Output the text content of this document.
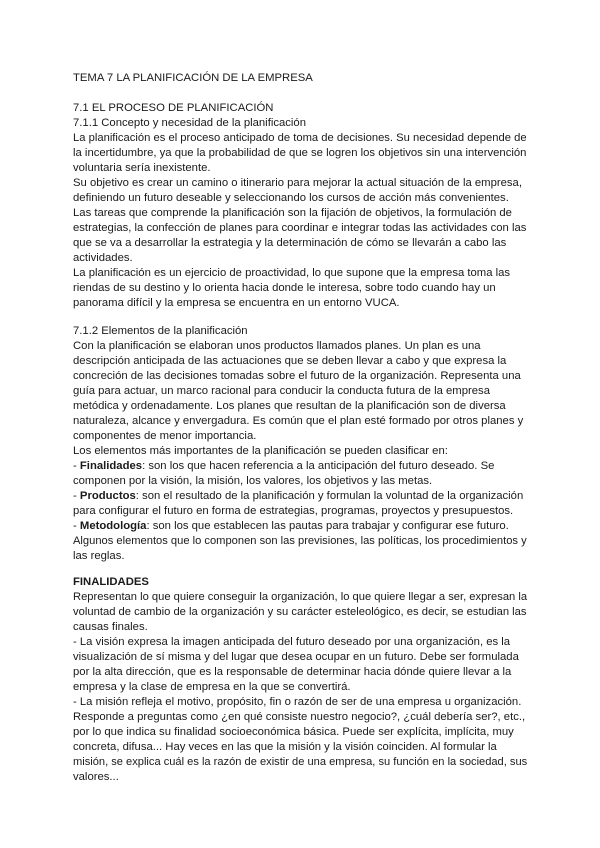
TEMA 7 LA PLANIFICACIÓN DE LA EMPRESA
7.1 EL PROCESO DE PLANIFICACIÓN
7.1.1 Concepto y necesidad de la planificación
La planificación es el proceso anticipado de toma de decisiones. Su necesidad depende de
la incertidumbre, ya que la probabilidad de que se logren los objetivos sin una intervención
voluntaria sería inexistente.
Su objetivo es crear un camino o itinerario para mejorar la actual situación de la empresa,
definiendo un futuro deseable y seleccionando los cursos de acción más convenientes.
Las tareas que comprende la planificación son la fijación de objetivos, la formulación de
estrategias, la confección de planes para coordinar e integrar todas las actividades con las
que se va a desarrollar la estrategia y la determinación de cómo se llevarán a cabo las
actividades.
La planificación es un ejercicio de proactividad, lo que supone que la empresa toma las
riendas de su destino y lo orienta hacia donde le interesa, sobre todo cuando hay un
panorama difícil y la empresa se encuentra en un entorno VUCA.
7.1.2 Elementos de la planificación
Con la planificación se elaboran unos productos llamados planes. Un plan es una
descripción anticipada de las actuaciones que se deben llevar a cabo y que expresa la
concreción de las decisiones tomadas sobre el futuro de la organización. Representa una
guía para actuar, un marco racional para conducir la conducta futura de la empresa
metódica y ordenadamente. Los planes que resultan de la planificación son de diversa
naturaleza, alcance y envergadura. Es común que el plan esté formado por otros planes y
componentes de menor importancia.
Los elementos más importantes de la planificación se pueden clasificar en:
- Finalidades: son los que hacen referencia a la anticipación del futuro deseado. Se
componen por la visión, la misión, los valores, los objetivos y las metas.
- Productos: son el resultado de la planificación y formulan la voluntad de la organización
para configurar el futuro en forma de estrategias, programas, proyectos y presupuestos.
- Metodología: son los que establecen las pautas para trabajar y configurar ese futuro.
Algunos elementos que lo componen son las previsiones, las políticas, los procedimientos y
las reglas.
FINALIDADES
Representan lo que quiere conseguir la organización, lo que quiere llegar a ser, expresan la
voluntad de cambio de la organización y su carácter esteleológico, es decir, se estudian las
causas finales.
- La visión expresa la imagen anticipada del futuro deseado por una organización, es la
visualización de sí misma y del lugar que desea ocupar en un futuro. Debe ser formulada
por la alta dirección, que es la responsable de determinar hacia dónde quiere llevar a la
empresa y la clase de empresa en la que se convertirá.
- La misión refleja el motivo, propósito, fin o razón de ser de una empresa u organización.
Responde a preguntas como ¿en qué consiste nuestro negocio?, ¿cuál debería ser?, etc.,
por lo que indica su finalidad socioeconómica básica. Puede ser explícita, implícita, muy
concreta, difusa... Hay veces en las que la misión y la visión coinciden. Al formular la
misión, se explica cuál es la razón de existir de una empresa, su función en la sociedad, sus
valores...
